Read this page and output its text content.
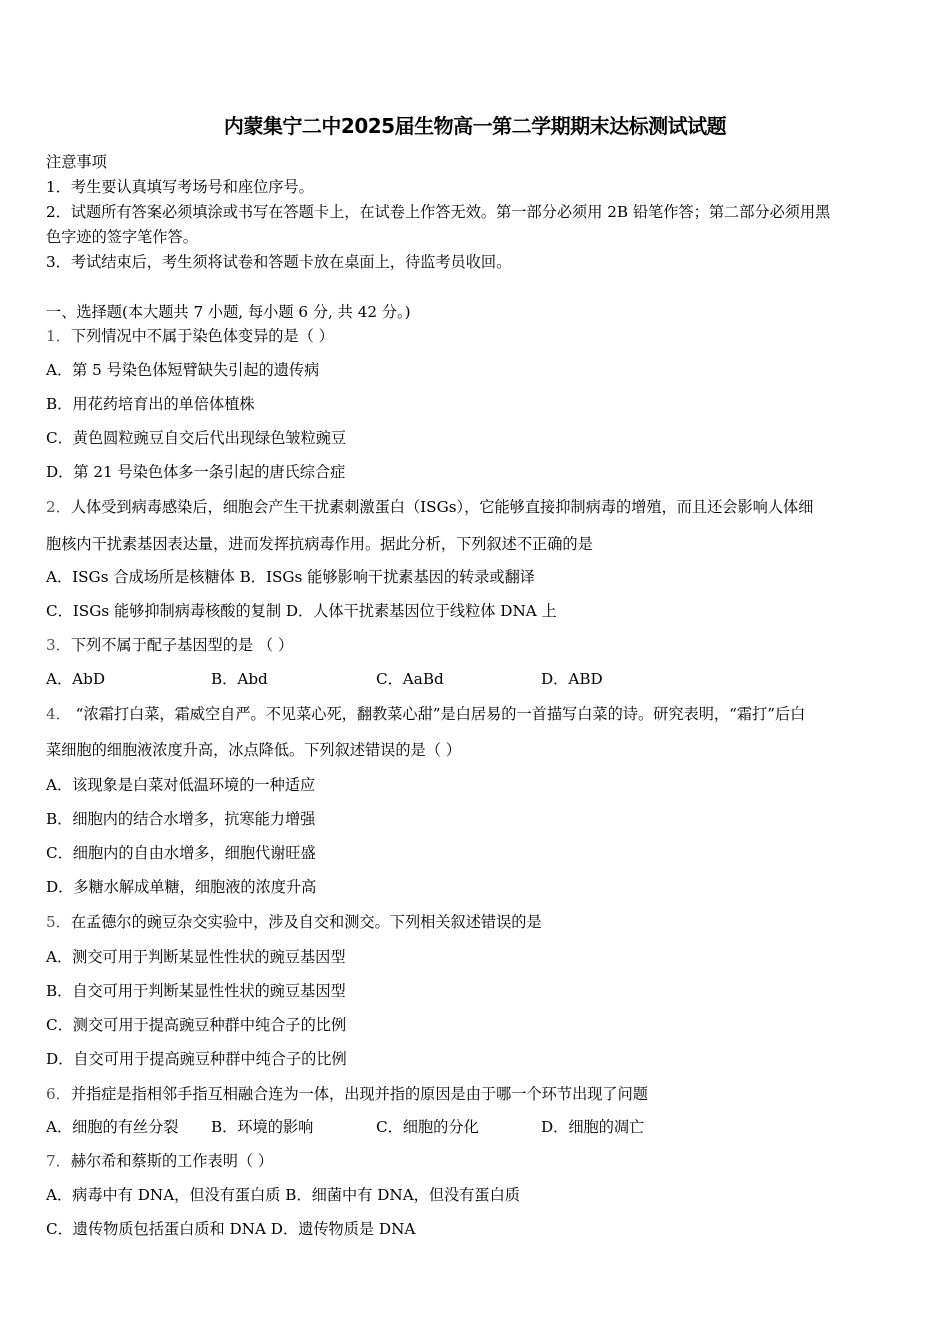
内蒙集宁二中2025届生物高一第二学期期末达标测试试题
注意事项
1．考生要认真填写考场号和座位序号。
2．试题所有答案必须填涂或书写在答题卡上，在试卷上作答无效。第一部分必须用 2B 铅笔作答；第二部分必须用黑
色字迹的签字笔作答。
3．考试结束后，考生须将试卷和答题卡放在桌面上，待监考员收回。
一、选择题(本大题共 7 小题, 每小题 6 分, 共 42 分。)
1．下列情况中不属于染色体变异的是（ ）
A．第 5 号染色体短臂缺失引起的遗传病
B．用花药培育出的单倍体植株
C．黄色圆粒豌豆自交后代出现绿色皱粒豌豆
D．第 21 号染色体多一条引起的唐氏综合症
2．人体受到病毒感染后，细胞会产生干扰素刺激蛋白（ISGs），它能够直接抑制病毒的增殖，而且还会影响人体细
胞核内干扰素基因表达量，进而发挥抗病毒作用。据此分析，下列叙述不正确的是
A．ISGs 合成场所是核糖体 B．ISGs 能够影响干扰素基因的转录或翻译
C．ISGs 能够抑制病毒核酸的复制 D．人体干扰素基因位于线粒体 DNA 上
3．下列不属于配子基因型的是 （ ）
A．AbD	B．Abd	C．AaBd	D．ABD
4． “浓霜打白菜，霜威空自严。不见菜心死，翻教菜心甜”是白居易的一首描写白菜的诗。研究表明，“霜打”后白
菜细胞的细胞液浓度升高，冰点降低。下列叙述错误的是（ ）
A．该现象是白菜对低温环境的一种适应
B．细胞内的结合水增多，抗寒能力增强
C．细胞内的自由水增多，细胞代谢旺盛
D．多糖水解成单糖，细胞液的浓度升高
5．在孟德尔的豌豆杂交实验中，涉及自交和测交。下列相关叙述错误的是
A．测交可用于判断某显性性状的豌豆基因型
B．自交可用于判断某显性性状的豌豆基因型
C．测交可用于提高豌豆种群中纯合子的比例
D．自交可用于提高豌豆种群中纯合子的比例
6．并指症是指相邻手指互相融合连为一体，出现并指的原因是由于哪一个环节出现了问题
A．细胞的有丝分裂 B．环境的影响	C．细胞的分化	D．细胞的凋亡
7．赫尔希和蔡斯的工作表明（ ）
A．病毒中有 DNA，但没有蛋白质 B．细菌中有 DNA，但没有蛋白质
C．遗传物质包括蛋白质和 DNA D．遗传物质是 DNA
